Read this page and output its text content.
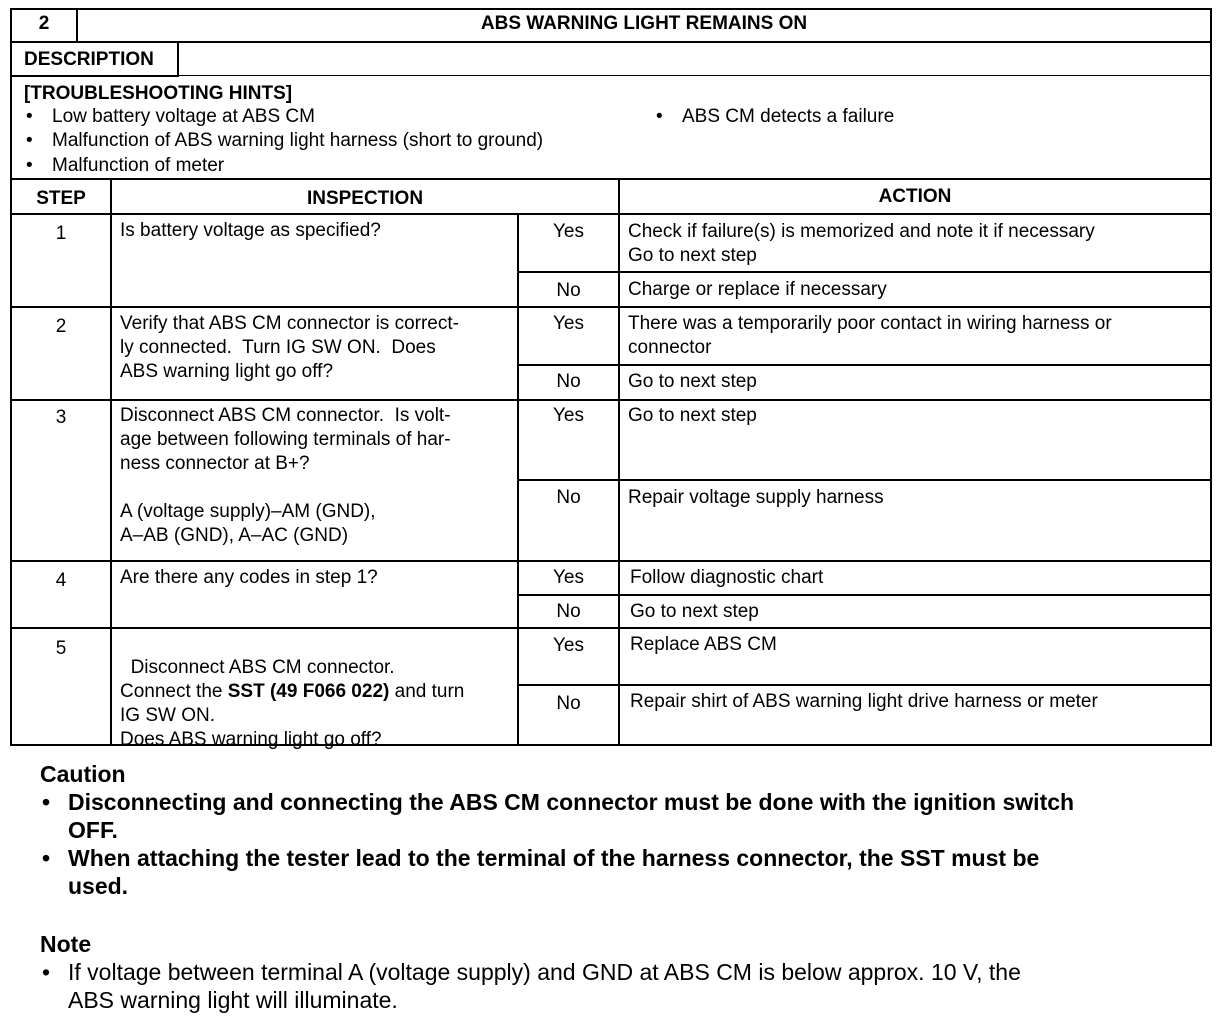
2	ABS WARNING LIGHT REMAINS ON
DESCRIPTION
[TROUBLESHOOTING HINTS]
• Low battery voltage at ABS CM
• Malfunction of ABS warning light harness (short to ground)
• Malfunction of meter
• ABS CM detects a failure
STEP	INSPECTION	ACTION
1	Is battery voltage as specified?	Yes	Check if failure(s) is memorized and note it if necessary
Go to next step
No	Charge or replace if necessary
2	Verify that ABS CM connector is correct-
ly connected.  Turn IG SW ON.  Does
ABS warning light go off?
Yes	There was a temporarily poor contact in wiring harness or
connector
No	Go to next step
3	Disconnect ABS CM connector.  Is volt-
age between following terminals of har-
ness connector at B+?
A (voltage supply)–AM (GND),
A–AB (GND), A–AC (GND)
Yes	Go to next step
No	Repair voltage supply harness
4	Are there any codes in step 1?	Yes	Follow diagnostic chart
No	Go to next step
5

Disconnect ABS CM connector.
Connect the SST (49 F066 022) and turn
IG SW ON.
Does ABS warning light go off?

Yes	Replace ABS CM
No	Repair shirt of ABS warning light drive harness or meter
Caution
• Disconnecting and connecting the ABS CM connector must be done with the ignition switch
OFF.
• When attaching the tester lead to the terminal of the harness connector, the SST must be
used.
Note
• If voltage between terminal A (voltage supply) and GND at ABS CM is below approx. 10 V, the
ABS warning light will illuminate.
